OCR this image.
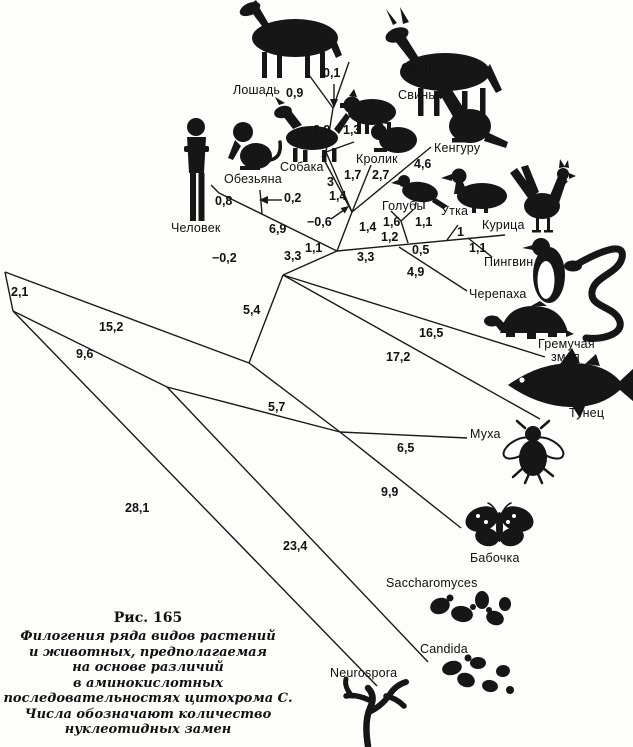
Лошадь
Осел
Свинья
Кенгуру
Кролик
Собака
Обезьяна
Человек
Голубь Утка
Курица
Пингвин
Черепаха
Гремучая
змея
Тунец
Муха
Бабочка
Saccharomyces
Candida
Neurospora
0,9
0,1
2,9 1,3
1,7 2,7
4,6
3
1,4
−0,6 1,4
0,2
0,8
6,9
−0,2
1,1
3,3	3,3
1,6
1,2
1,1
1
1,1
0,5
4,9
5,4
16,5
17,2
2,1
15,2
9,6
5,7
6,5
9,9
28,1
23,4
Рис. 165
Филогения ряда видов растений
и животных, предполагаемая
на основе различий
в аминокислотных
последовательностях цитохрома С.
Числа обозначают количество
нуклеотидных замен
